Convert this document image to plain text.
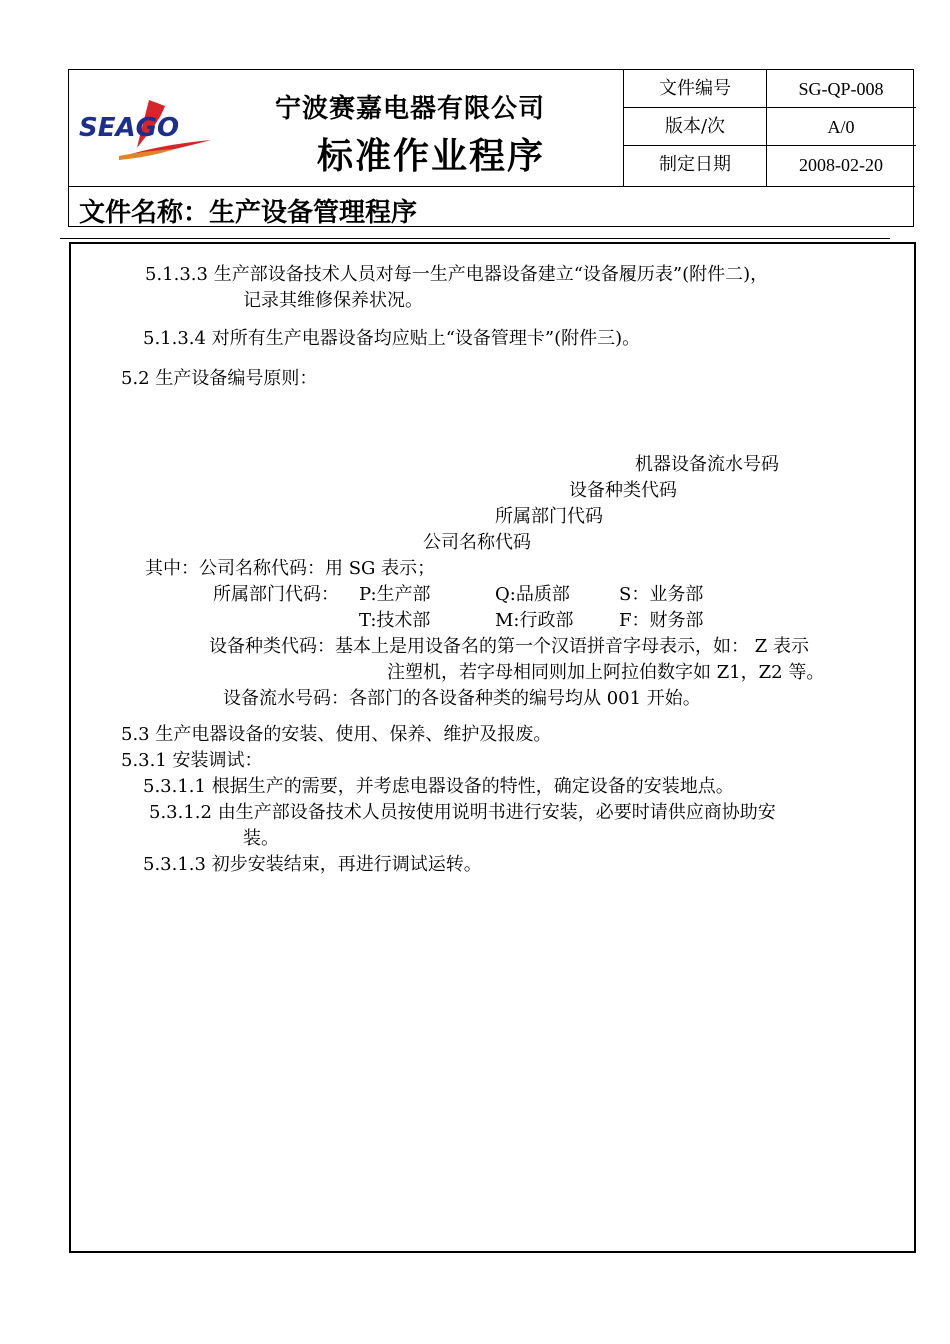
SEAGO
宁波赛嘉电器有限公司
标准作业程序
文件编号	SG-QP-008
版本/次	A/0
制定日期	2008-02-20
文件名称：生产设备管理程序
5.1.3.3 生产部设备技术人员对每一生产电器设备建立“设备履历表”(附件二)，
记录其维修保养状况。
5.1.3.4 对所有生产电器设备均应贴上“设备管理卡”(附件三)。
5.2 生产设备编号原则：
机器设备流水号码
设备种类代码
所属部门代码
公司名称代码
其中：公司名称代码：用 SG 表示；
所属部门代码： P:生产部	Q:品质部	S：业务部
T:技术部	M:行政部	F：财务部
设备种类代码：基本上是用设备名的第一个汉语拼音字母表示，如： Z 表示
注塑机，若字母相同则加上阿拉伯数字如 Z1，Z2 等。
设备流水号码：各部门的各设备种类的编号均从 001 开始。
5.3 生产电器设备的安装、使用、保养、维护及报废。
5.3.1 安装调试：
5.3.1.1 根据生产的需要，并考虑电器设备的特性，确定设备的安装地点。
5.3.1.2 由生产部设备技术人员按使用说明书进行安装，必要时请供应商协助安
装。
5.3.1.3 初步安装结束，再进行调试运转。
